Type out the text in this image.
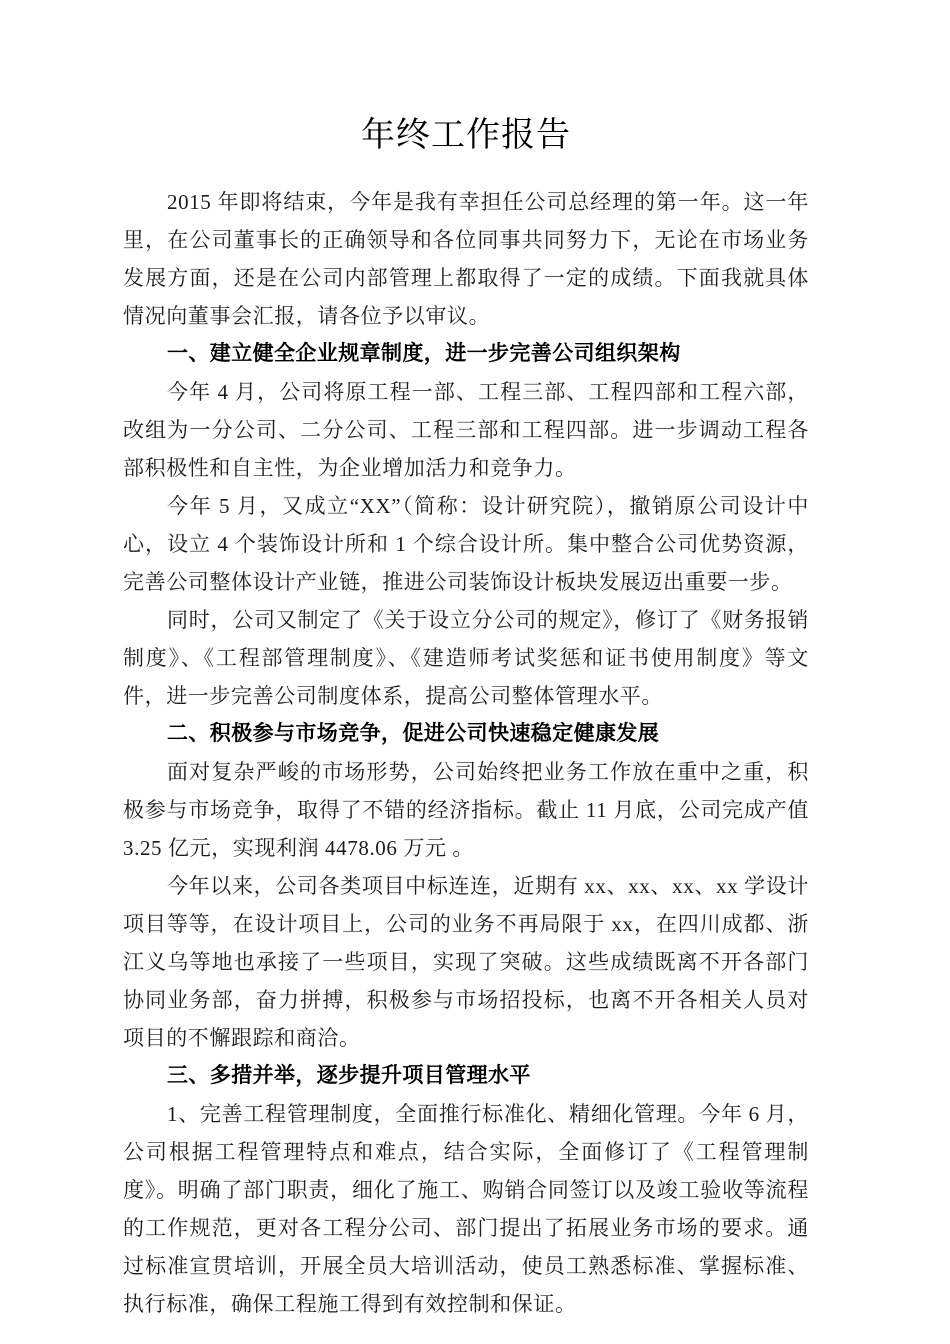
年终工作报告

2015 年即将结束，今年是我有幸担任公司总经理的第一年。这一年里，在公司董事长的正确领导和各位同事共同努力下，无论在市场业务发展方面，还是在公司内部管理上都取得了一定的成绩。下面我就具体情况向董事会汇报，请各位予以审议。

一、建立健全企业规章制度，进一步完善公司组织架构

今年 4 月，公司将原工程一部、工程三部、工程四部和工程六部，改组为一分公司、二分公司、工程三部和工程四部。进一步调动工程各部积极性和自主性，为企业增加活力和竞争力。

今年 5 月，又成立“XX”（简称：设计研究院），撤销原公司设计中心，设立 4 个装饰设计所和 1 个综合设计所。集中整合公司优势资源，完善公司整体设计产业链，推进公司装饰设计板块发展迈出重要一步。

同时，公司又制定了《关于设立分公司的规定》，修订了《财务报销制度》、《工程部管理制度》、《建造师考试奖惩和证书使用制度》等文件，进一步完善公司制度体系，提高公司整体管理水平。

二、积极参与市场竞争，促进公司快速稳定健康发展

面对复杂严峻的市场形势，公司始终把业务工作放在重中之重，积极参与市场竞争，取得了不错的经济指标。截止 11 月底，公司完成产值 3.25 亿元，实现利润 4478.06 万元 。

今年以来，公司各类项目中标连连，近期有 xx、xx、xx、xx 学设计项目等等，在设计项目上，公司的业务不再局限于 xx，在四川成都、浙江义乌等地也承接了一些项目，实现了突破。这些成绩既离不开各部门协同业务部，奋力拼搏，积极参与市场招投标，也离不开各相关人员对项目的不懈跟踪和商洽。

三、多措并举，逐步提升项目管理水平

1、完善工程管理制度，全面推行标准化、精细化管理。今年 6 月，公司根据工程管理特点和难点，结合实际，全面修订了《工程管理制度》。明确了部门职责，细化了施工、购销合同签订以及竣工验收等流程的工作规范，更对各工程分公司、部门提出了拓展业务市场的要求。通过标准宣贯培训，开展全员大培训活动，使员工熟悉标准、掌握标准、执行标准，确保工程施工得到有效控制和保证。
